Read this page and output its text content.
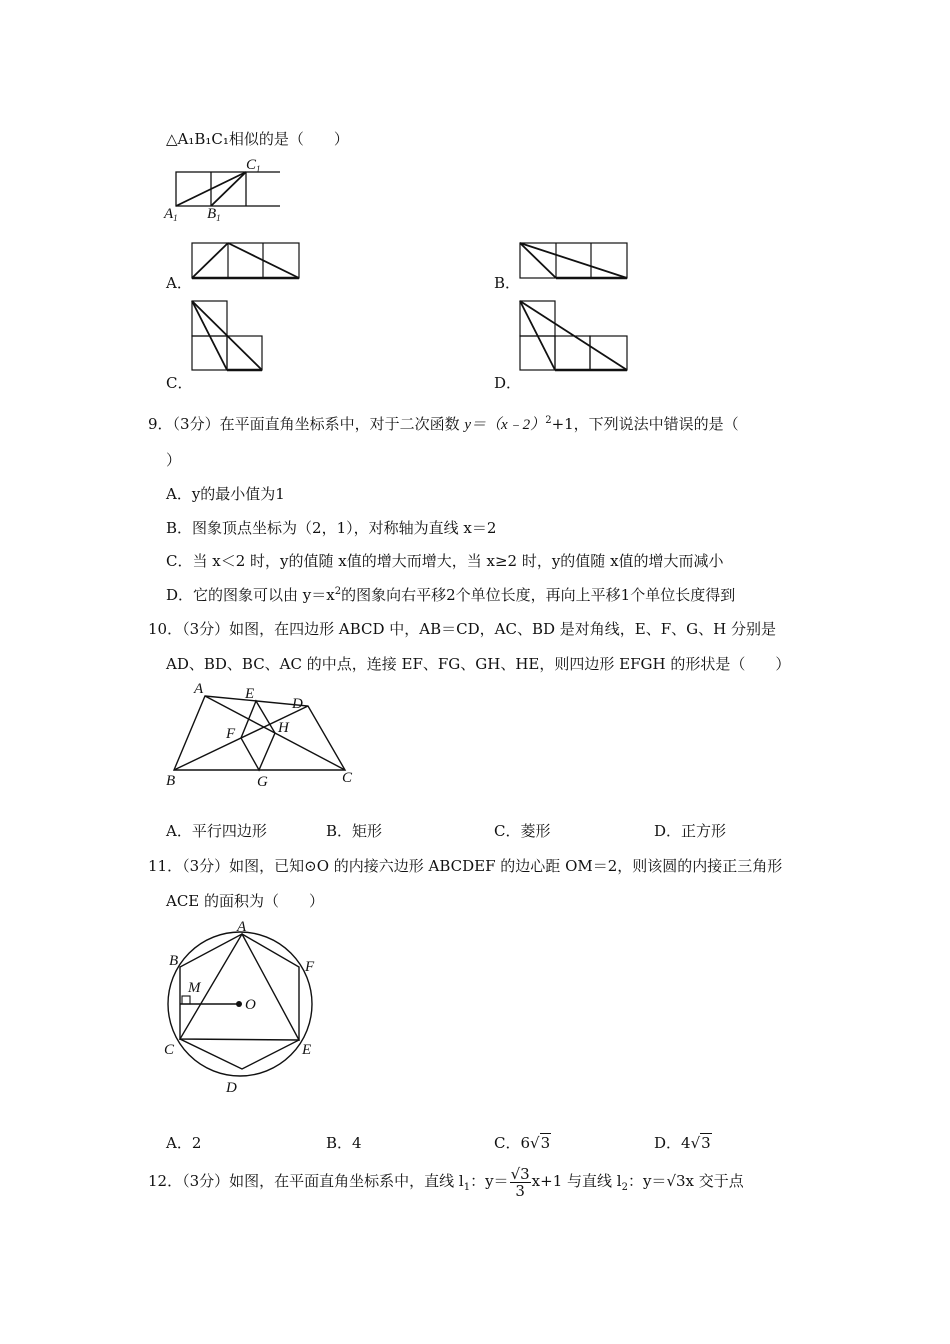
△A₁B₁C₁相似的是（　　）
$C_1$
$A_1$ $B_1$
A．	B．
C．	D．
9．（3分）在平面直角坐标系中，对于二次函数 y＝（x﹣2）$^2$+1，下列说法中错误的是（
）
A．y的最小值为1
B．图象顶点坐标为（2，1），对称轴为直线 x＝2
C．当 x＜2 时，y的值随 x值的增大而增大，当 x≥2 时，y的值随 x值的增大而减小
D．它的图象可以由 $y=x^2$的图象向右平移2个单位长度，再向上平移1个单位长度得到
10．（3分）如图，在四边形 ABCD 中，AB＝CD，AC、BD 是对角线，E、F、G、H 分别是
AD、BD、BC、AC 的中点，连接 EF、FG、GH、HE，则四边形 EFGH 的形状是（　　）
A	E
D
F	H
B	G	C
A．平行四边形	B．矩形	C．菱形	D．正方形
11．（3分）如图，已知⊙O 的内接六边形 ABCDEF 的边心距 OM＝2，则该圆的内接正三角形
ACE 的面积为（　　）
A
B	F
M
O
C	E
D
A．2	B．4	C．6√3	D．4√3
12．（3分）如图，在平面直角坐标系中，直线 $l_1$：$y= \frac{√3}{3} x+1$ 与直线 $l_2$：y＝√3x 交于点
